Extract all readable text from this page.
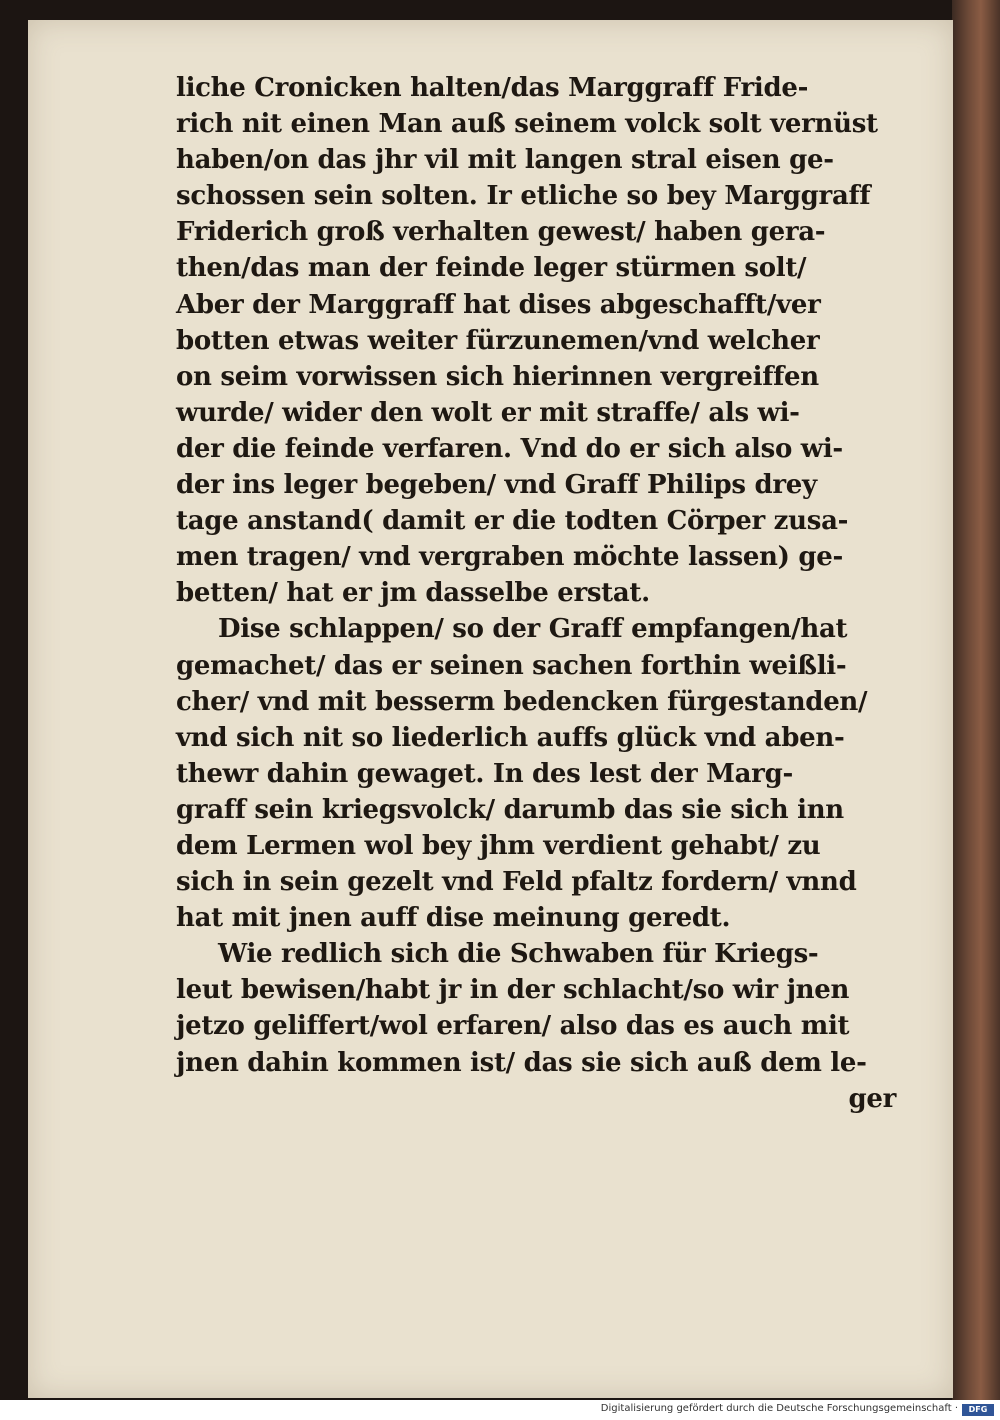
liche Cronicken halten/das Marggraff Fride-
rich nit einen Man auß seinem volck solt vernüst
haben/on das jhr vil mit langen stral eisen ge-
schossen sein solten. Ir etliche so bey Marggraff
Friderich groß verhalten gewest/ haben gera-
then/das man der feinde leger stürmen solt/
Aber der Marggraff hat dises abgeschafft/ver
botten etwas weiter fürzunemen/vnd welcher
on seim vorwissen sich hierinnen vergreiffen
wurde/ wider den wolt er mit straffe/ als wi-
der die feinde verfaren. Vnd do er sich also wi-
der ins leger begeben/ vnd Graff Philips drey
tage anstand( damit er die todten Cörper zusa-
men tragen/ vnd vergraben möchte lassen) ge-
betten/ hat er jm dasselbe erstat.
Dise schlappen/ so der Graff empfangen/hat
gemachet/ das er seinen sachen forthin weißli-
cher/ vnd mit besserm bedencken fürgestanden/
vnd sich nit so liederlich auffs glück vnd aben-
thewr dahin gewaget. In des lest der Marg-
graff sein kriegsvolck/ darumb das sie sich inn
dem Lermen wol bey jhm verdient gehabt/ zu
sich in sein gezelt vnd Feld pfaltz fordern/ vnnd
hat mit jnen auff dise meinung geredt.
Wie redlich sich die Schwaben für Kriegs-
leut bewisen/habt jr in der schlacht/so wir jnen
jetzo geliffert/wol erfaren/ also das es auch mit
jnen dahin kommen ist/ das sie sich auß dem le-
ger
Digitalisierung gefördert durch die Deutsche Forschungsgemeinschaft ·	DFG
